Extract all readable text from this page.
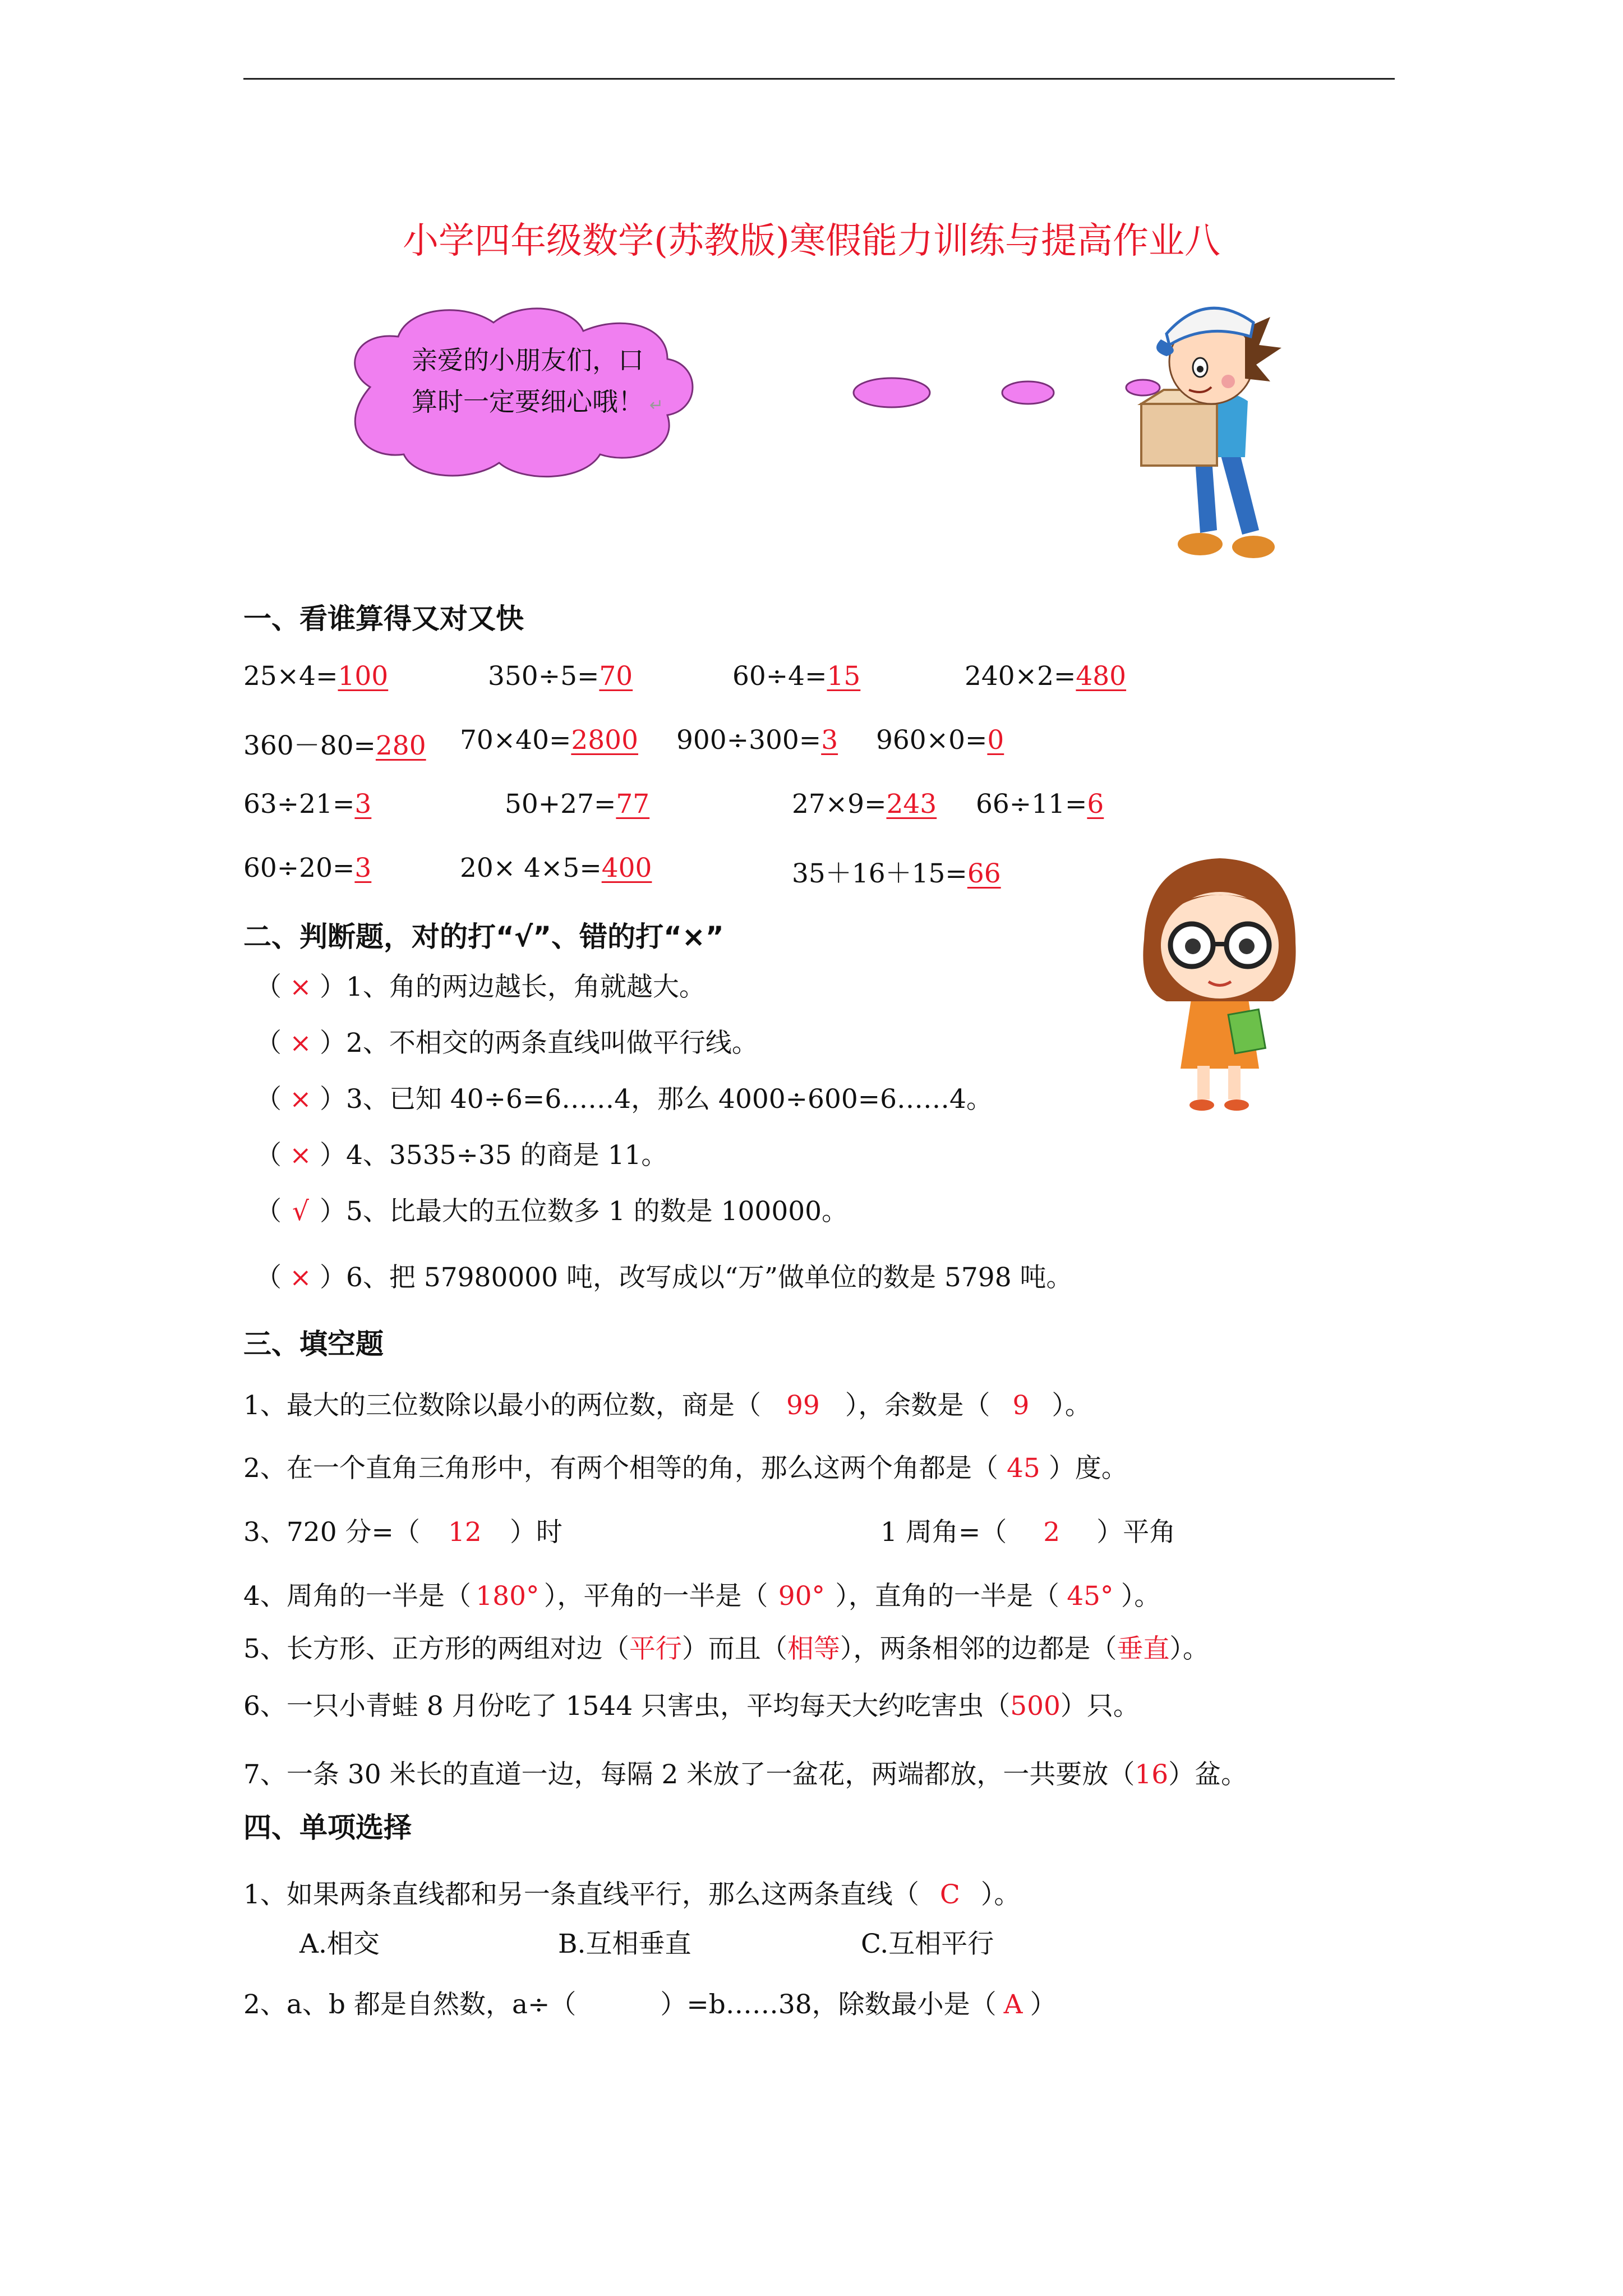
小学四年级数学(苏教版)寒假能力训练与提高作业八
亲爱的小朋友们，口
算时一定要细心哦！ ↵
一、看谁算得又对又快
25×4=100	350÷5=70	60÷4=15	240×2=480
360－80=280 70×40=2800 900÷300=3 960×0=0
63÷21=3	50+27=77	27×9=243 66÷11=6
60÷20=3	20× 4×5=400	35＋16＋15=66
二、判断题，对的打“√”、错的打“×”
（ × ）1、角的两边越长，角就越大。
（ × ）2、不相交的两条直线叫做平行线。
（ × ）3、已知 40÷6=6……4，那么 4000÷600=6……4。
（ × ）4、3535÷35 的商是 11。
（ √ ）5、比最大的五位数多 1 的数是 100000。
（ × ）6、把 57980000 吨，改写成以“万”做单位的数是 5798 吨。
三、填空题
1、最大的三位数除以最小的两位数，商是（ 99 ），余数是（ 9 ）。
2、在一个直角三角形中，有两个相等的角，那么这两个角都是（ 45 ）度。
3、720 分=（ 12 ）时	1 周角=（ 2 ）平角
4、周角的一半是（ 180° ），平角的一半是（ 90° ），直角的一半是（ 45° ）。
5、长方形、正方形的两组对边（平行）而且（相等），两条相邻的边都是（垂直）。
6、一只小青蛙 8 月份吃了 1544 只害虫，平均每天大约吃害虫（500）只。
7、一条 30 米长的直道一边，每隔 2 米放了一盆花，两端都放，一共要放（16）盆。
四、单项选择
1、如果两条直线都和另一条直线平行，那么这两条直线（ C ）。
A.相交	B.互相垂直	C.互相平行
2、a、b 都是自然数，a÷（	）=b……38，除数最小是（ A ）
